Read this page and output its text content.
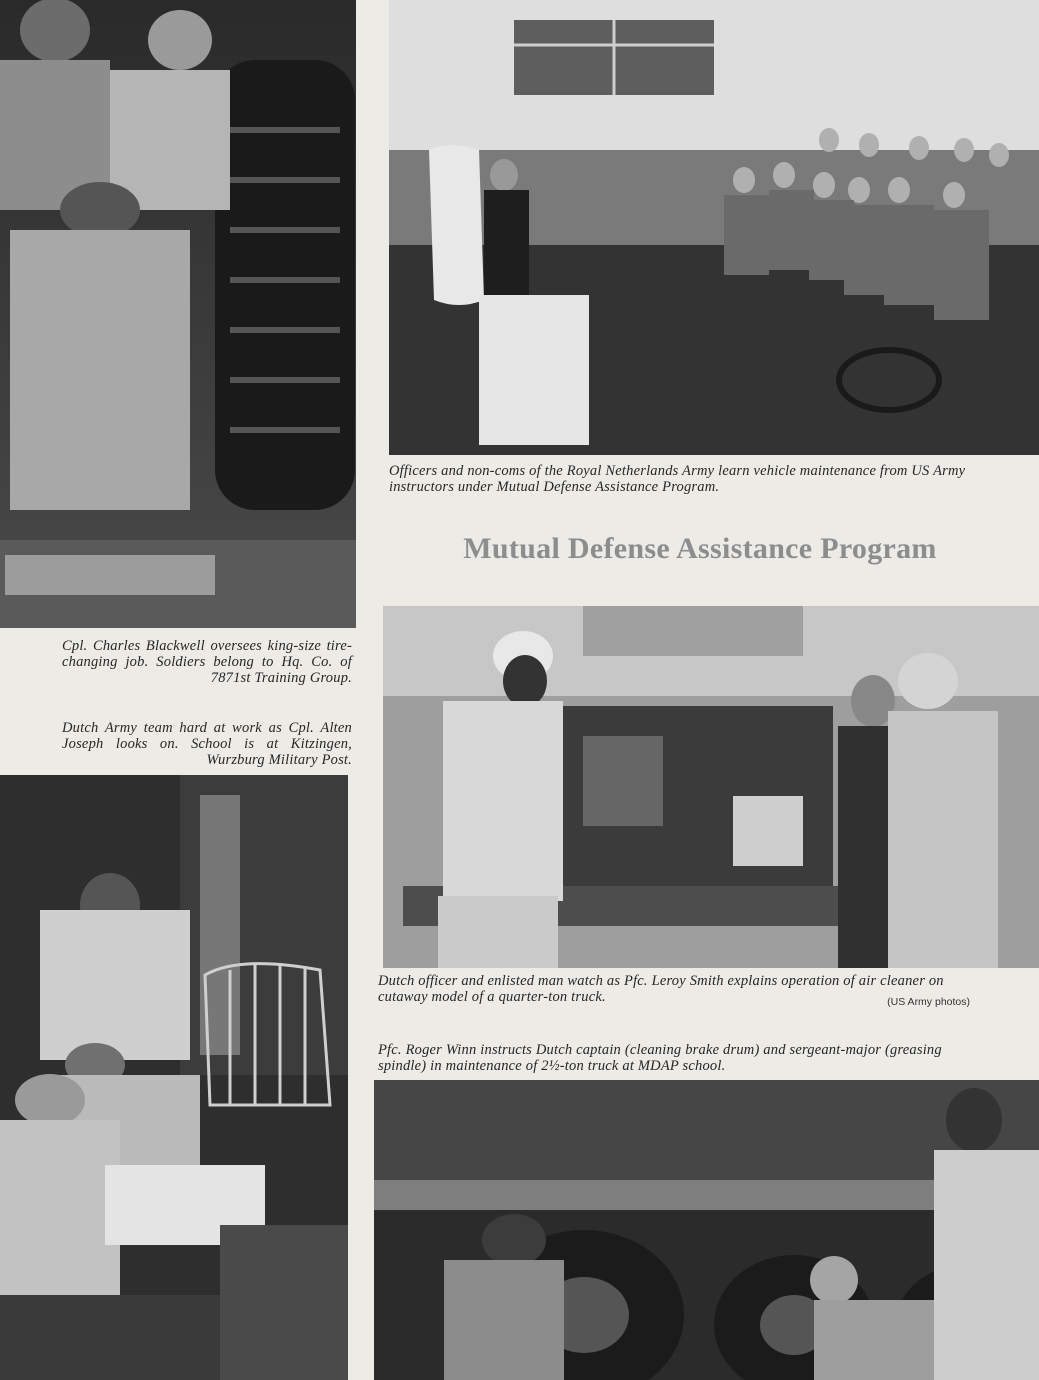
Officers and non-coms of the Royal Netherlands Army learn vehicle maintenance from US Army instructors under Mutual Defense Assistance Program.
Mutual Defense Assistance Program
Cpl. Charles Blackwell oversees king-size tire-changing job. Soldiers belong to Hq. Co. of 7871st Training Group.
Dutch Army team hard at work as Cpl. Alten Joseph looks on. School is at Kitzingen, Wurzburg Military Post.
Dutch officer and enlisted man watch as Pfc. Leroy Smith explains operation of air cleaner on cutaway model of a quarter-ton truck.	(US Army photos)
Pfc. Roger Winn instructs Dutch captain (cleaning brake drum) and sergeant-major (greasing spindle) in maintenance of 2½-ton truck at MDAP school.
